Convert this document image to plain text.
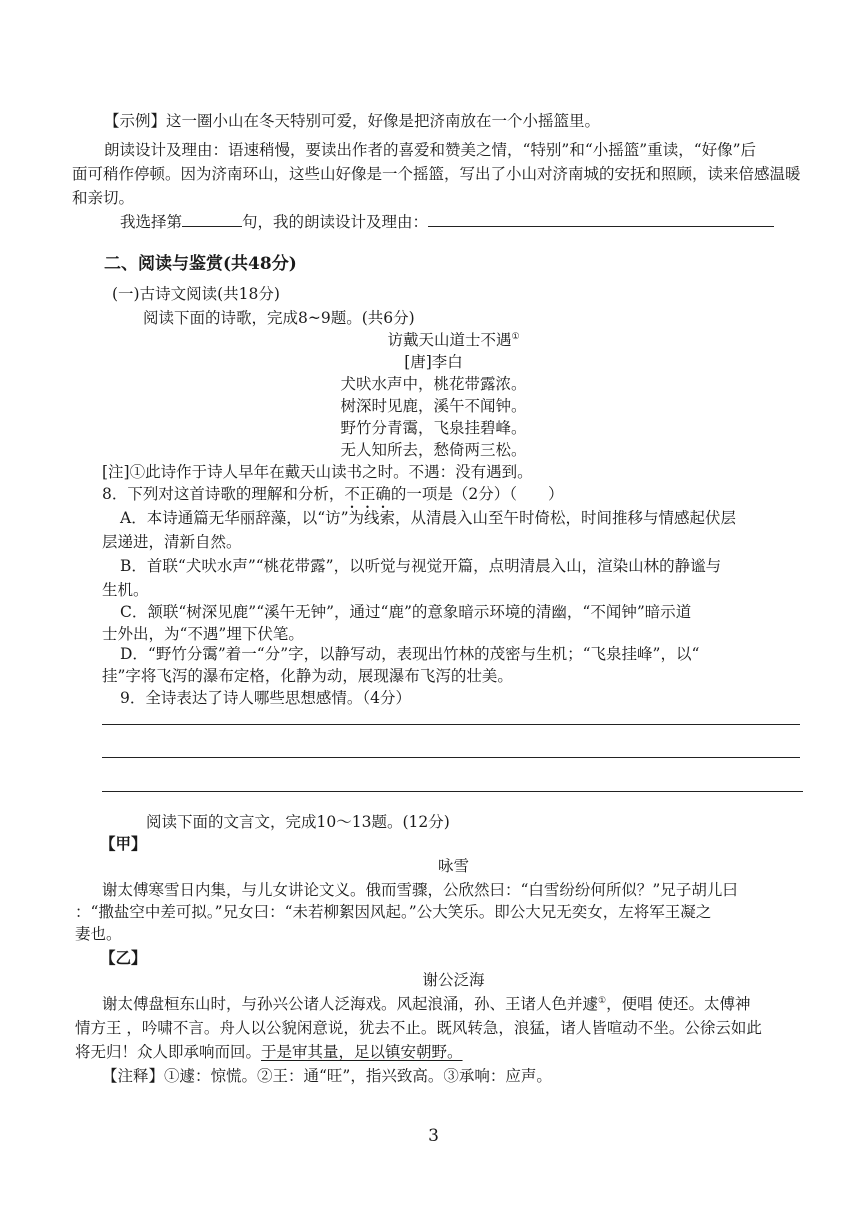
【示例】这一圈小山在冬天特别可爱，好像是把济南放在一个小摇篮里。
朗读设计及理由：语速稍慢，要读出作者的喜爱和赞美之情，“特别”和“小摇篮”重读，“好像”后
面可稍作停顿。因为济南环山，这些山好像是一个摇篮，写出了小山对济南城的安抚和照顾，读来倍感温暖
和亲切。
我选择第	句，我的朗读设计及理由：
二、阅读与鉴赏(共48分)
(一)古诗文阅读(共18分)
阅读下面的诗歌，完成8~9题。(共6分)
访戴天山道士不遇①
[唐]李白
犬吠水声中，桃花带露浓。
树深时见鹿，溪午不闻钟。
野竹分青霭，飞泉挂碧峰。
无人知所去，愁倚两三松。
[注]①此诗作于诗人早年在戴天山读书之时。不遇：没有遇到。
8．下列对这首诗歌的理解和分析，不正确的一项是（2分）（　　）
A．本诗通篇无华丽辞藻，以“访”为线索，从清晨入山至午时倚松，时间推移与情感起伏层
层递进，清新自然。
B．首联“犬吠水声”“桃花带露”，以听觉与视觉开篇，点明清晨入山，渲染山林的静谧与
生机。
C．颔联“树深见鹿”“溪午无钟”，通过“鹿”的意象暗示环境的清幽，“不闻钟”暗示道
士外出，为“不遇”埋下伏笔。
D．“野竹分霭”着一“分”字，以静写动，表现出竹林的茂密与生机；“飞泉挂峰”，以“
挂”字将飞泻的瀑布定格，化静为动，展现瀑布飞泻的壮美。
9．全诗表达了诗人哪些思想感情。（4分）
阅读下面的文言文，完成10～13题。(12分)
【甲】
咏雪
谢太傅寒雪日内集，与儿女讲论文义。俄而雪骤，公欣然曰：“白雪纷纷何所似？”兄子胡儿曰
：“撒盐空中差可拟。”兄女曰：“未若柳絮因风起。”公大笑乐。即公大兄无奕女，左将军王凝之
妻也。
【乙】
谢公泛海
谢太傅盘桓东山时，与孙兴公诸人泛海戏。风起浪涌，孙、王诸人色并遽①，便唱 使还。太傅神
情方王 ，吟啸不言。舟人以公貌闲意说，犹去不止。既风转急，浪猛，诸人皆喧动不坐。公徐云如此
将无归！众人即承响而回。于是审其量，足以镇安朝野。
【注释】①遽：惊慌。②王：通“旺”，指兴致高。③承响：应声。
3
